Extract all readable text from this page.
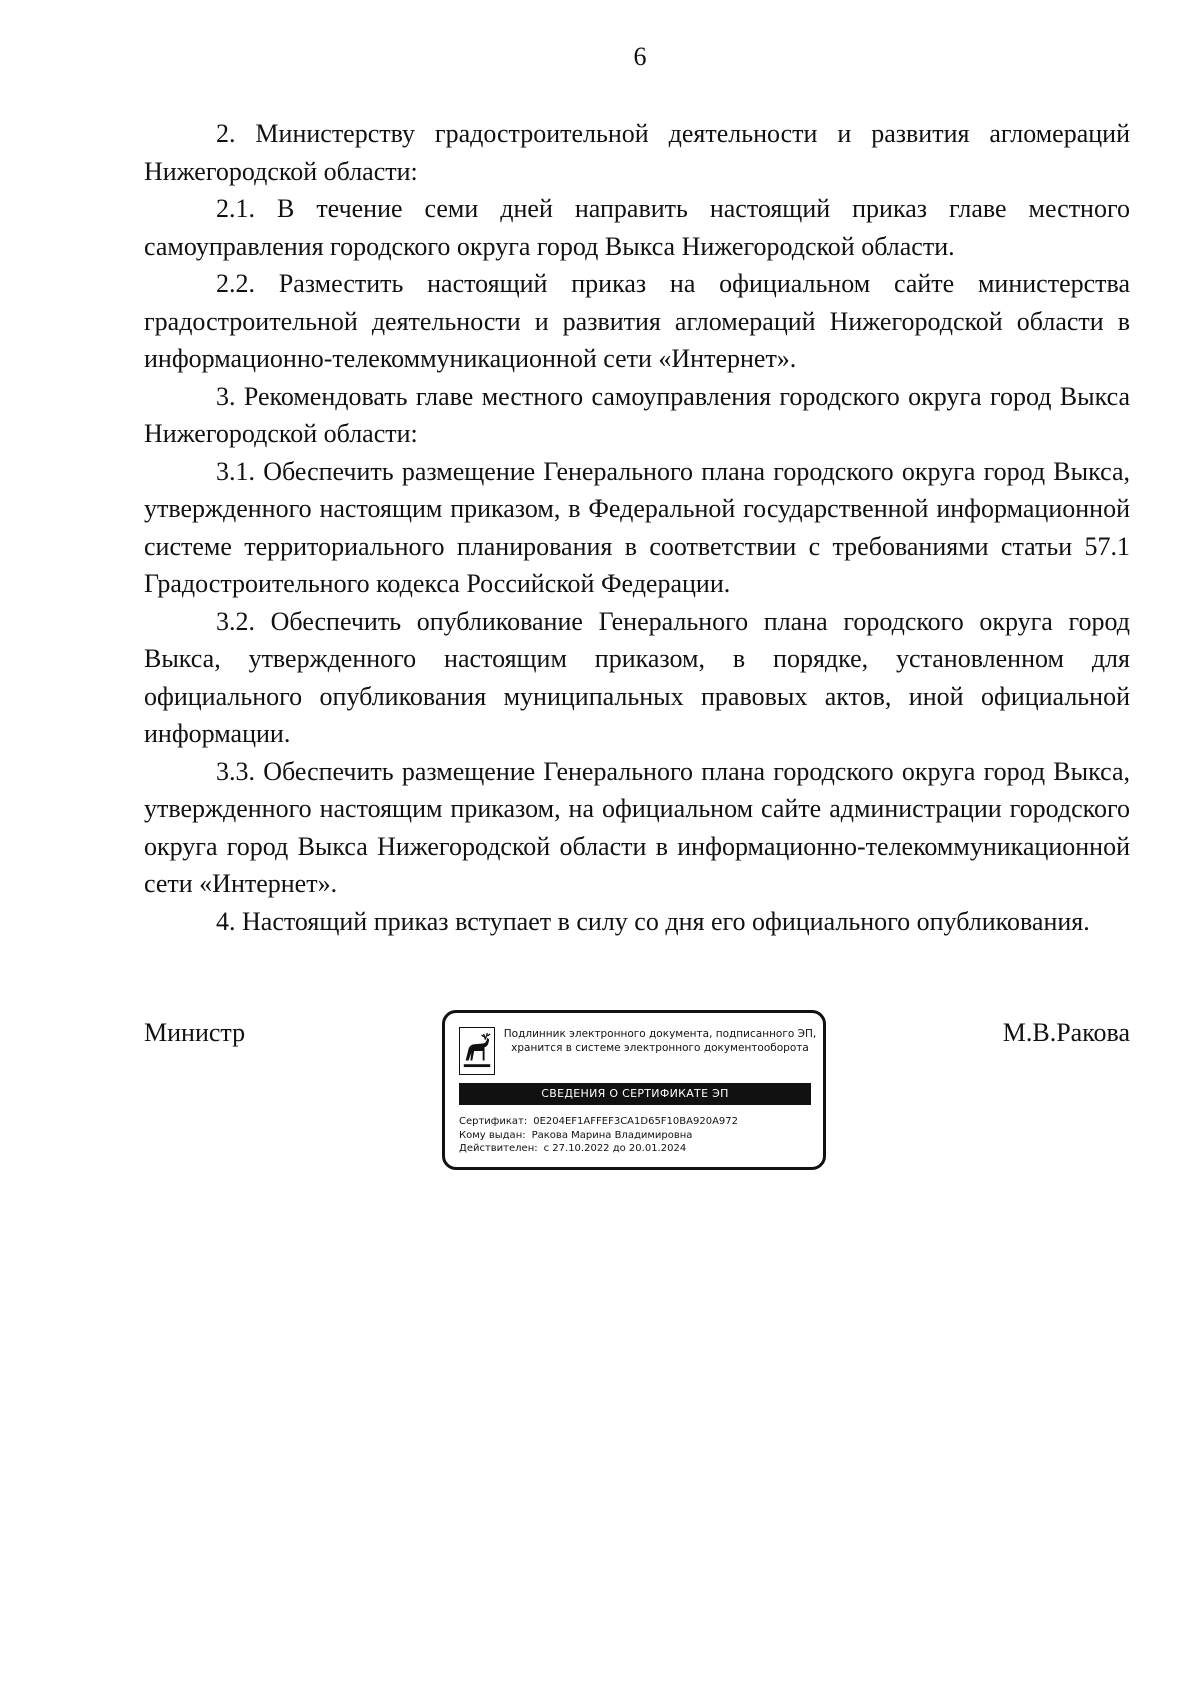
6

2. Министерству градостроительной деятельности и развития агломераций Нижегородской области:

2.1. В течение семи дней направить настоящий приказ главе местного самоуправления городского округа город Выкса Нижегородской области.

2.2. Разместить настоящий приказ на официальном сайте министерства градостроительной деятельности и развития агломераций Нижегородской области в информационно-телекоммуникационной сети «Интернет».

3. Рекомендовать главе местного самоуправления городского округа город Выкса Нижегородской области:

3.1. Обеспечить размещение Генерального плана городского округа город Выкса, утвержденного настоящим приказом, в Федеральной государственной информационной системе территориального планирования в соответствии с требованиями статьи 57.1 Градостроительного кодекса Российской Федерации.

3.2. Обеспечить опубликование Генерального плана городского округа город Выкса, утвержденного настоящим приказом, в порядке, установленном для официального опубликования муниципальных правовых актов, иной официальной информации.

3.3. Обеспечить размещение Генерального плана городского округа город Выкса, утвержденного настоящим приказом, на официальном сайте администрации городского округа город Выкса Нижегородской области в информационно-телекоммуникационной сети «Интернет».

4. Настоящий приказ вступает в силу со дня его официального опубликования.

Министр	М.В.Ракова
Подлинник электронного документа, подписанного ЭП,
хранится в системе электронного документооборота
СВЕДЕНИЯ О СЕРТИФИКАТЕ ЭП
Сертификат: 0E204EF1AFFEF3CA1D65F10BA920A972
Кому выдан: Ракова Марина Владимировна
Действителен: с 27.10.2022 до 20.01.2024
